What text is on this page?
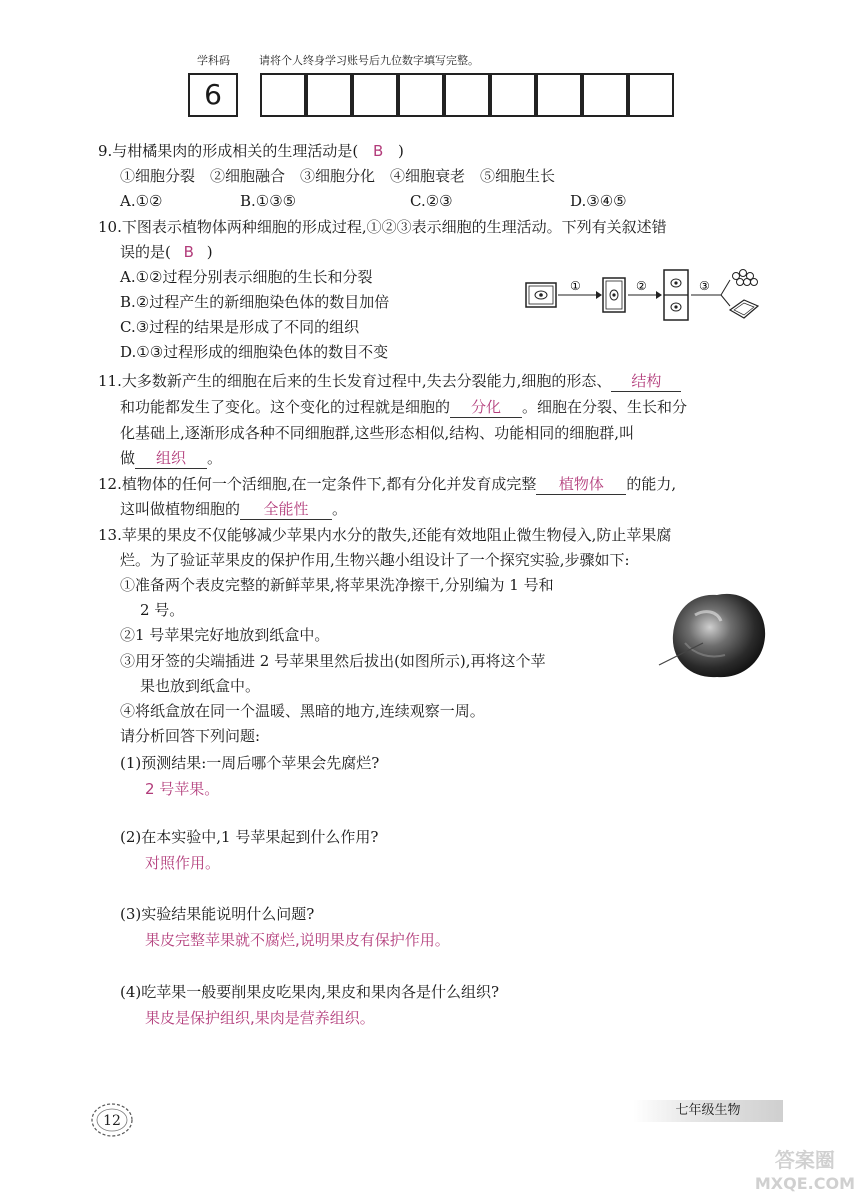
学科码	请将个人终身学习账号后九位数字填写完整。
6
9.与柑橘果肉的形成相关的生理活动是( B )
①细胞分裂　②细胞融合　③细胞分化　④细胞衰老　⑤细胞生长
A.①②	B.①③⑤	C.②③	D.③④⑤
10.下图表示植物体两种细胞的形成过程,①②③表示细胞的生理活动。下列有关叙述错
误的是( B )
A.①②过程分别表示细胞的生长和分裂
B.②过程产生的新细胞染色体的数目加倍
C.③过程的结果是形成了不同的组织
D.①③过程形成的细胞染色体的数目不变
①	②	③
11.大多数新产生的细胞在后来的生长发育过程中,失去分裂能力,细胞的形态、 结构
和功能都发生了变化。这个变化的过程就是细胞的 分化 。细胞在分裂、生长和分
化基础上,逐渐形成各种不同细胞群,这些形态相似,结构、功能相同的细胞群,叫
做 组织 。
12.植物体的任何一个活细胞,在一定条件下,都有分化并发育成完整 植物体 的能力,
这叫做植物细胞的 全能性 。
13.苹果的果皮不仅能够减少苹果内水分的散失,还能有效地阻止微生物侵入,防止苹果腐
烂。为了验证苹果皮的保护作用,生物兴趣小组设计了一个探究实验,步骤如下:
①准备两个表皮完整的新鲜苹果,将苹果洗净擦干,分别编为 1 号和
2 号。
②1 号苹果完好地放到纸盒中。
③用牙签的尖端插进 2 号苹果里然后拔出(如图所示),再将这个苹
果也放到纸盒中。
④将纸盒放在同一个温暖、黑暗的地方,连续观察一周。
请分析回答下列问题:
(1)预测结果:一周后哪个苹果会先腐烂?
2 号苹果。
(2)在本实验中,1 号苹果起到什么作用?
对照作用。
(3)实验结果能说明什么问题?
果皮完整苹果就不腐烂,说明果皮有保护作用。
(4)吃苹果一般要削果皮吃果肉,果皮和果肉各是什么组织?
果皮是保护组织,果肉是营养组织。
12
七年级生物
答案圈
MXQE.COM
